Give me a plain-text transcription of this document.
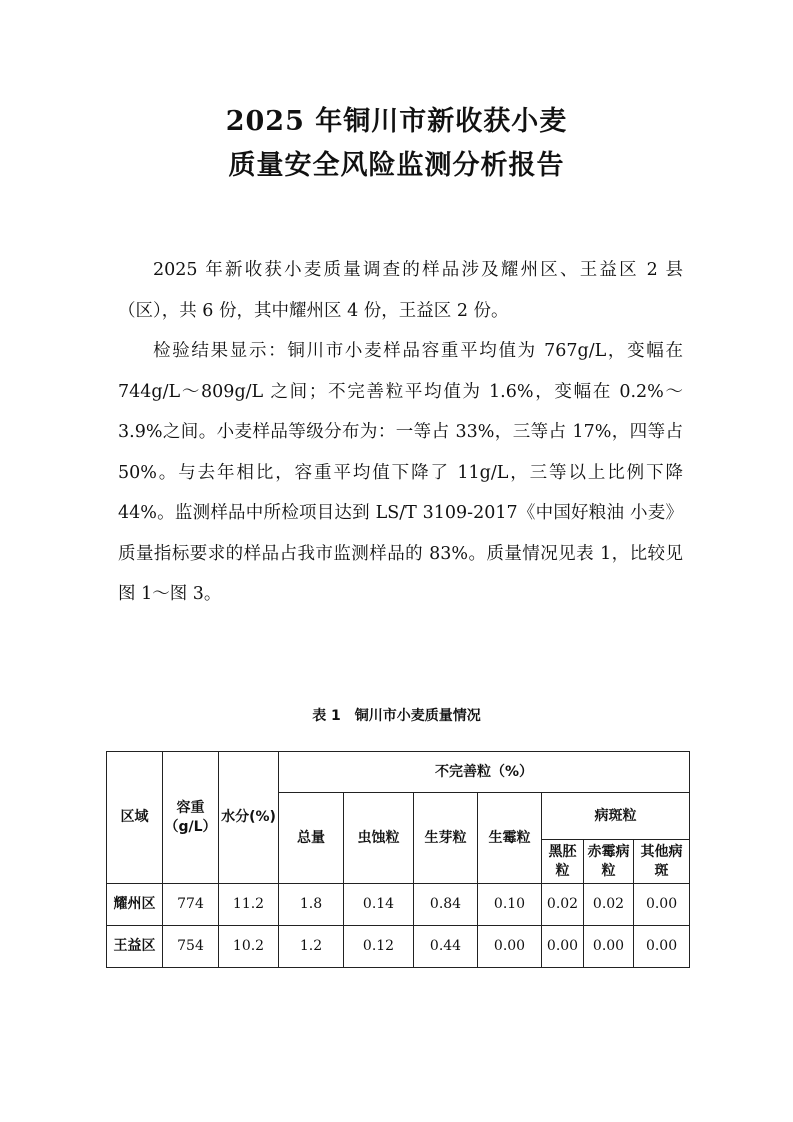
2025 年铜川市新收获小麦
质量安全风险监测分析报告

2025 年新收获小麦质量调查的样品涉及耀州区、王益区 2 县（区），共 6 份，其中耀州区 4 份，王益区 2 份。

检验结果显示：铜川市小麦样品容重平均值为 767g/L，变幅在 744g/L～809g/L 之间；不完善粒平均值为 1.6%，变幅在 0.2%～3.9%之间。小麦样品等级分布为：一等占 33%，三等占 17%，四等占 50%。与去年相比，容重平均值下降了 11g/L，三等以上比例下降 44%。监测样品中所检项目达到 LS/T 3109-2017《中国好粮油 小麦》质量指标要求的样品占我市监测样品的 83%。质量情况见表 1，比较见图 1～图 3。

表 1　铜川市小麦质量情况
区域	容重（g/L）	水分(%)	不完善粒（%）						
			总量	虫蚀粒	生芽粒	生霉粒	病斑粒		
							黑胚粒	赤霉病粒	其他病斑
耀州区	774	11.2	1.8	0.14	0.84	0.10	0.02	0.02	0.00
王益区	754	10.2	1.2	0.12	0.44	0.00	0.00	0.00	0.00
